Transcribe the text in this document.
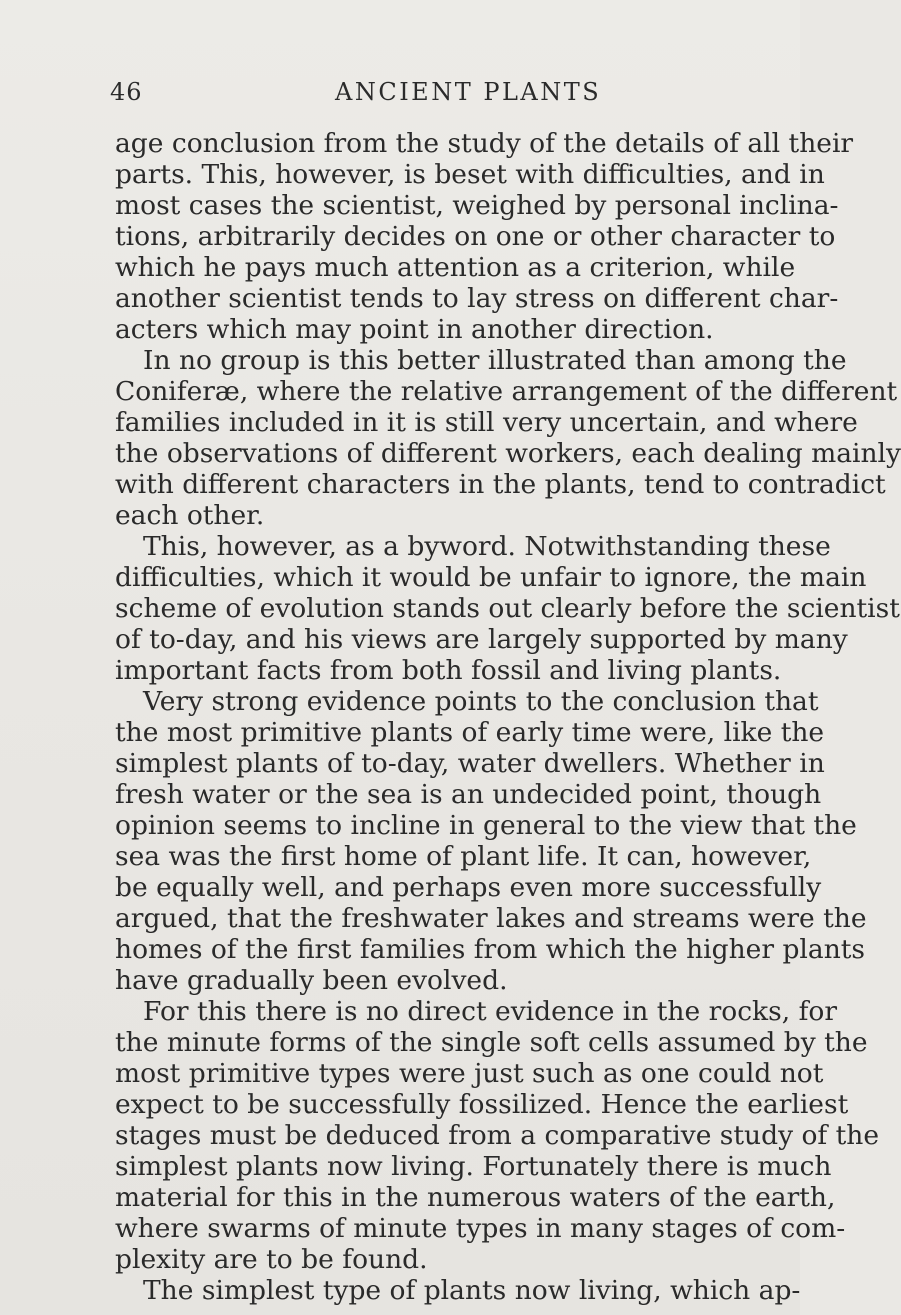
46	ANCIENT PLANTS
age conclusion from the study of the details of all their
parts. This, however, is beset with difficulties, and in
most cases the scientist, weighed by personal inclina-
tions, arbitrarily decides on one or other character to
which he pays much attention as a criterion, while
another scientist tends to lay stress on different char-
acters which may point in another direction.
In no group is this better illustrated than among the
Coniferæ, where the relative arrangement of the different
families included in it is still very uncertain, and where
the observations of different workers, each dealing mainly
with different characters in the plants, tend to contradict
each other.
This, however, as a byword. Notwithstanding these
difficulties, which it would be unfair to ignore, the main
scheme of evolution stands out clearly before the scientist
of to-day, and his views are largely supported by many
important facts from both fossil and living plants.
Very strong evidence points to the conclusion that
the most primitive plants of early time were, like the
simplest plants of to-day, water dwellers. Whether in
fresh water or the sea is an undecided point, though
opinion seems to incline in general to the view that the
sea was the first home of plant life. It can, however,
be equally well, and perhaps even more successfully
argued, that the freshwater lakes and streams were the
homes of the first families from which the higher plants
have gradually been evolved.
For this there is no direct evidence in the rocks, for
the minute forms of the single soft cells assumed by the
most primitive types were just such as one could not
expect to be successfully fossilized. Hence the earliest
stages must be deduced from a comparative study of the
simplest plants now living. Fortunately there is much
material for this in the numerous waters of the earth,
where swarms of minute types in many stages of com-
plexity are to be found.
The simplest type of plants now living, which ap-
